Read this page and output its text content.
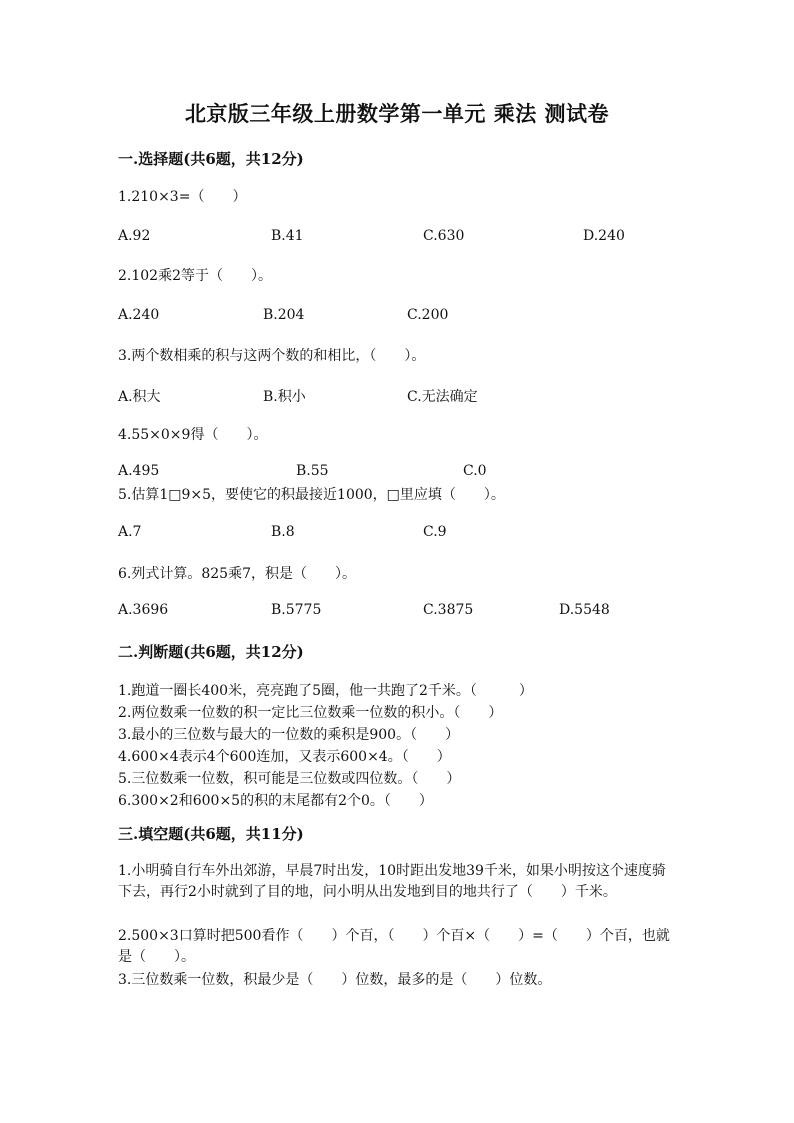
北京版三年级上册数学第一单元 乘法 测试卷
一.选择题(共6题，共12分)
1.210×3=（　　）
A.92	B.41	C.630	D.240
2.102乘2等于（　　）。
A.240	B.204	C.200
3.两个数相乘的积与这两个数的和相比，（　　）。
A.积大	B.积小	C.无法确定
4.55×0×9得（　　）。
A.495	B.55	C.0
5.估算1□9×5，要使它的积最接近1000，□里应填（　　）。
A.7	B.8	C.9
6.列式计算。825乘7，积是（　　）。
A.3696	B.5775	C.3875	D.5548
二.判断题(共6题，共12分)
1.跑道一圈长400米，亮亮跑了5圈，他一共跑了2千米。（　　　）
2.两位数乘一位数的积一定比三位数乘一位数的积小。（　　）
3.最小的三位数与最大的一位数的乘积是900。（　　）
4.600×4表示4个600连加，又表示600×4。（　　）
5.三位数乘一位数，积可能是三位数或四位数。（　　）
6.300×2和600×5的积的末尾都有2个0。（　　）
三.填空题(共6题，共11分)
1.小明骑自行车外出郊游，早晨7时出发，10时距出发地39千米，如果小明按这个速度骑下去，再行2小时就到了目的地，问小明从出发地到目的地共行了（　　）千米。
2.500×3口算时把500看作（　　）个百，（　　）个百×（　　）=（　　）个百，也就是（　　）。
3.三位数乘一位数，积最少是（　　）位数，最多的是（　　）位数。
